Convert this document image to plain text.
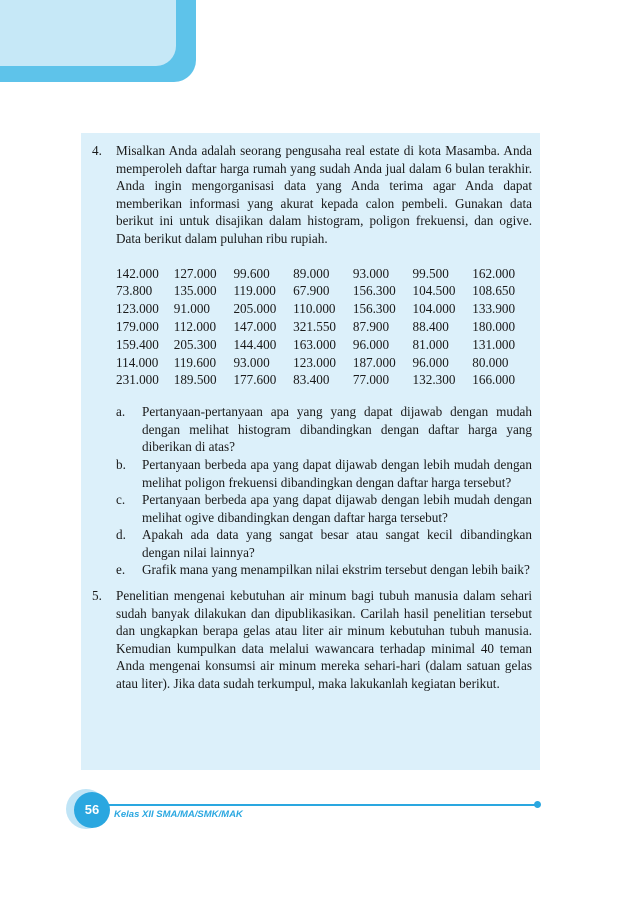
4.	Misalkan Anda adalah seorang pengusaha real estate di kota Masamba. Anda memperoleh daftar harga rumah yang sudah Anda jual dalam 6 bulan terakhir. Anda ingin mengorganisasi data yang Anda terima agar Anda dapat memberikan informasi yang akurat kepada calon pembeli. Gunakan data berikut ini untuk disajikan dalam histogram, poligon frekuensi, dan ogive. Data berikut dalam puluhan ribu rupiah.

142.000	127.000	99.600	89.000	93.000	99.500	162.000
73.800	135.000	119.000	67.900	156.300	104.500	108.650
123.000	91.000	205.000	110.000	156.300	104.000	133.900
179.000	112.000	147.000	321.550	87.900	88.400	180.000
159.400	205.300	144.400	163.000	96.000	81.000	131.000
114.000	119.600	93.000	123.000	187.000	96.000	80.000
231.000	189.500	177.600	83.400	77.000	132.300	166.000
a.	Pertanyaan-pertanyaan apa yang yang dapat dijawab dengan mudah dengan melihat histogram dibandingkan dengan daftar harga yang diberikan di atas?
b.	Pertanyaan berbeda apa yang dapat dijawab dengan lebih mudah dengan melihat poligon frekuensi dibandingkan dengan daftar harga tersebut?
c.	Pertanyaan berbeda apa yang dapat dijawab dengan lebih mudah dengan melihat ogive dibandingkan dengan daftar harga tersebut?
d.	Apakah ada data yang sangat besar atau sangat kecil dibandingkan dengan nilai lainnya?
e.	Grafik mana yang menampilkan nilai ekstrim tersebut dengan lebih baik?
5.	Penelitian mengenai kebutuhan air minum bagi tubuh manusia dalam sehari sudah banyak dilakukan dan dipublikasikan. Carilah hasil penelitian tersebut dan ungkapkan berapa gelas atau liter air minum kebutuhan tubuh manusia. Kemudian kumpulkan data melalui wawancara terhadap minimal 40 teman Anda mengenai konsumsi air minum mereka sehari-hari (dalam satuan gelas atau liter). Jika data sudah terkumpul, maka lakukanlah kegiatan berikut.

56	Kelas XII SMA/MA/SMK/MAK
